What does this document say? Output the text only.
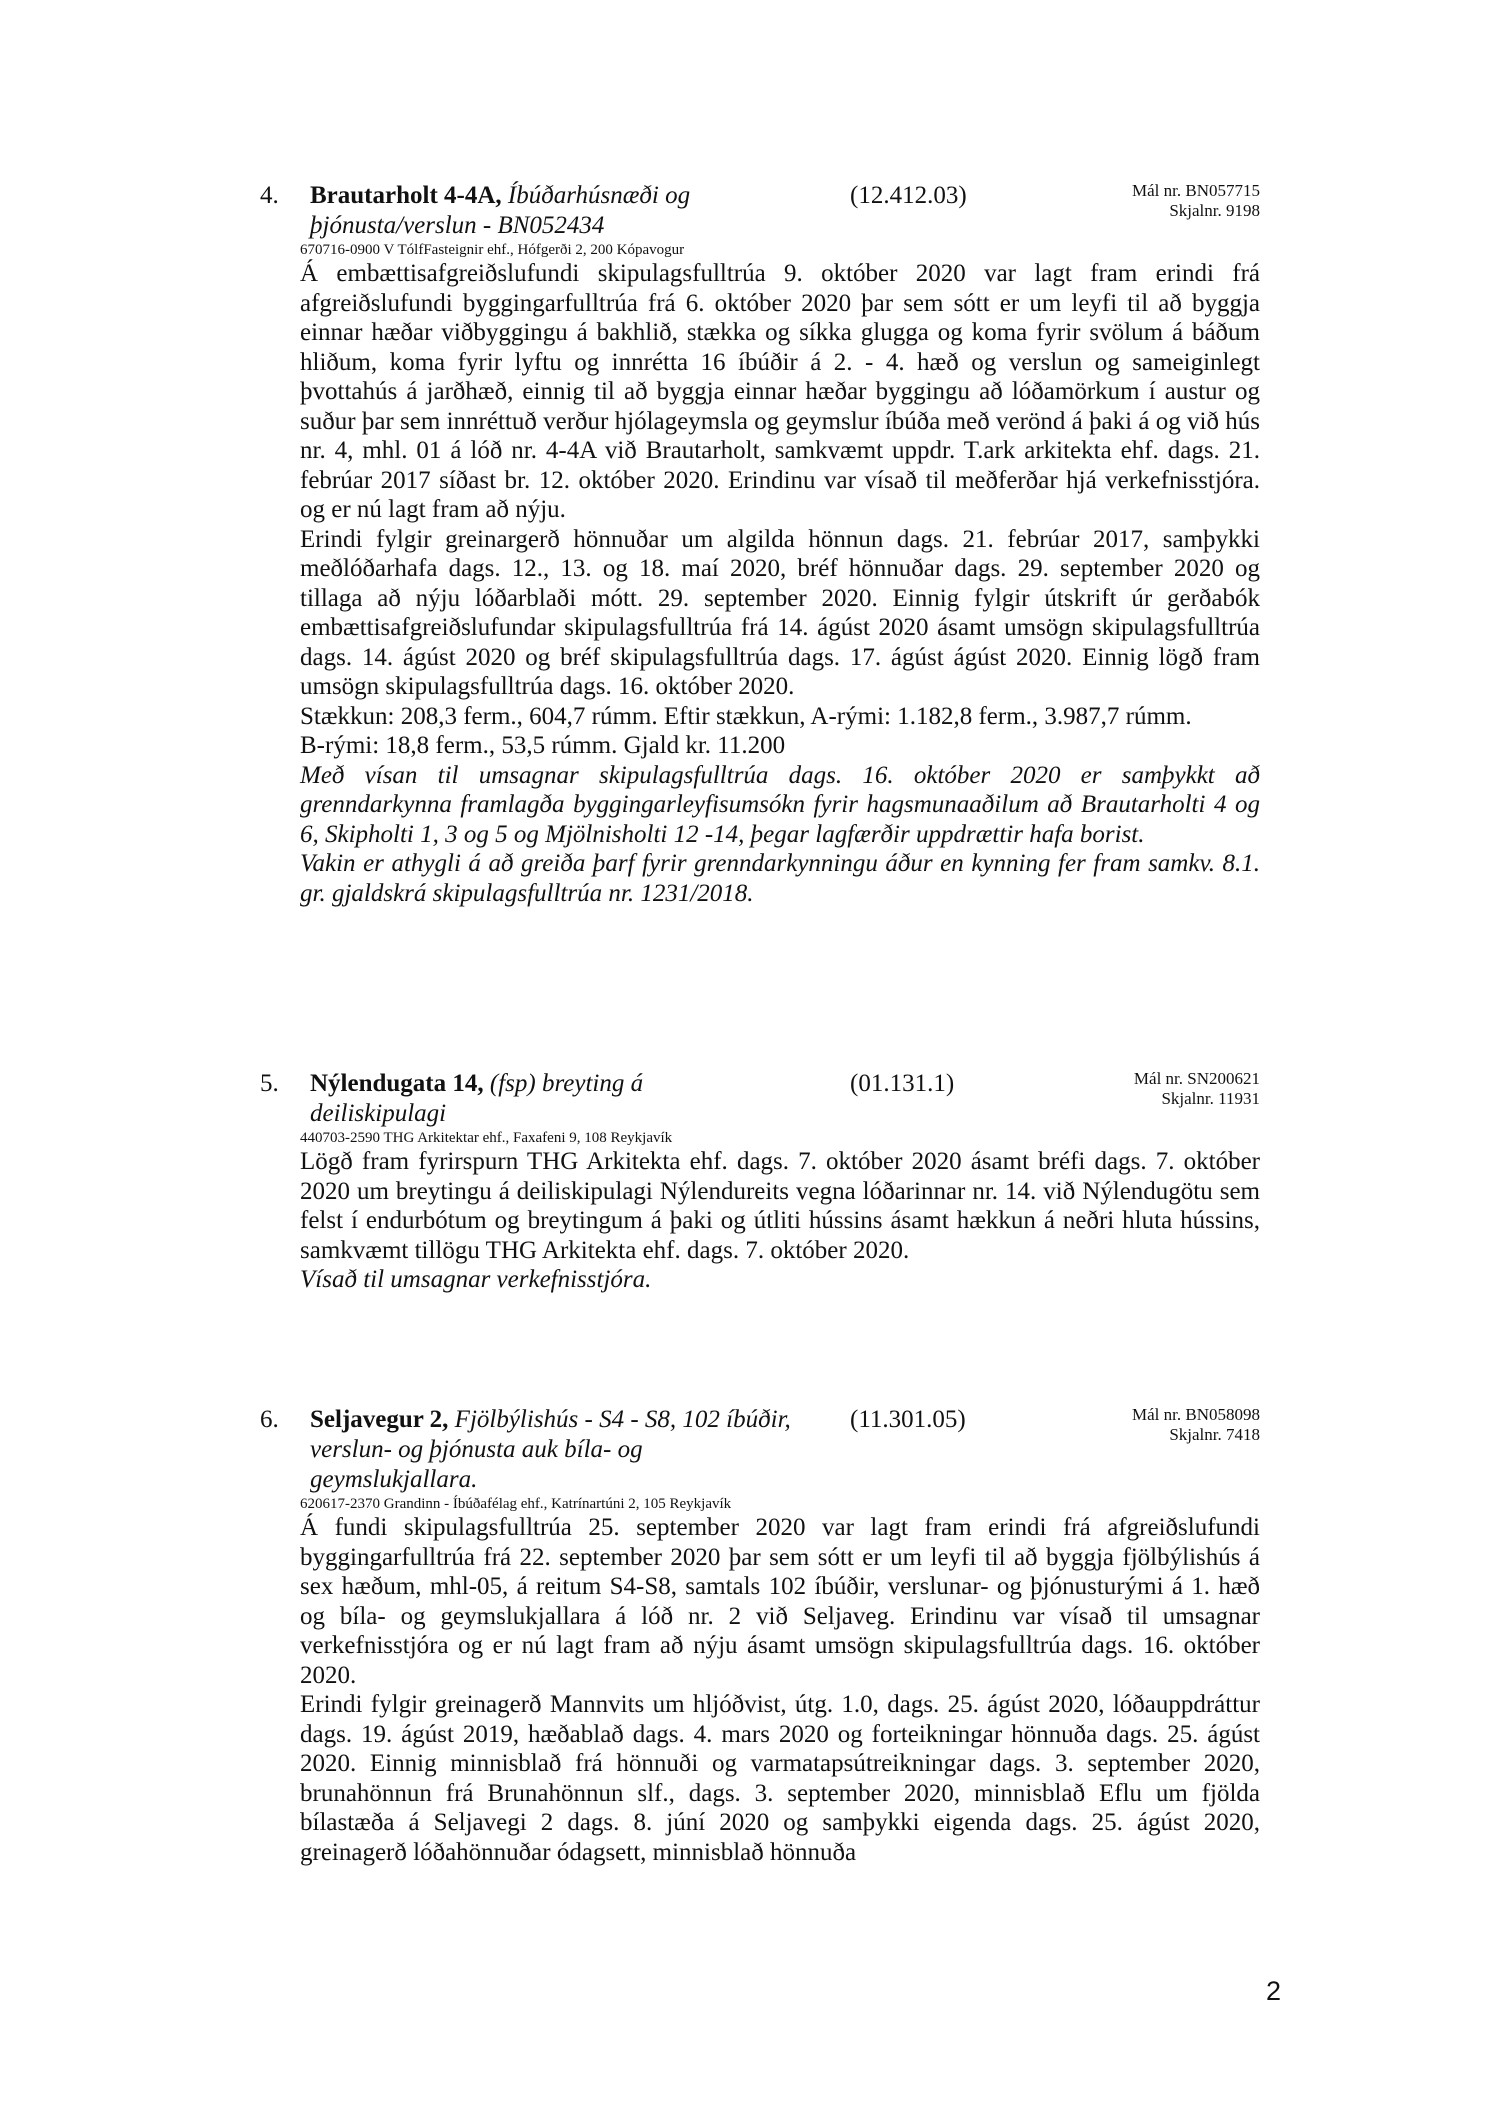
4. Brautarholt 4-4A, Íbúðarhúsnæði og þjónusta/verslun - BN052434
(12.412.03)	Mál nr. BN057715
Skjalnr. 9198
670716-0900 V TólfFasteignir ehf., Hófgerði 2, 200 Kópavogur

Á embættisafgreiðslufundi skipulagsfulltrúa 9. október 2020 var lagt fram erindi frá afgreiðslufundi byggingarfulltrúa frá 6. október 2020 þar sem sótt er um leyfi til að byggja einnar hæðar viðbyggingu á bakhlið, stækka og síkka glugga og koma fyrir svölum á báðum hliðum, koma fyrir lyftu og innrétta 16 íbúðir á 2. - 4. hæð og verslun og sameiginlegt þvottahús á jarðhæð, einnig til að byggja einnar hæðar byggingu að lóðamörkum í austur og suður þar sem innréttuð verður hjólageymsla og geymslur íbúða með verönd á þaki á og við hús nr. 4, mhl. 01 á lóð nr. 4-4A við Brautarholt, samkvæmt uppdr. T.ark arkitekta ehf. dags. 21. febrúar 2017 síðast br. 12. október 2020. Erindinu var vísað til meðferðar hjá verkefnisstjóra. og er nú lagt fram að nýju.

Erindi fylgir greinargerð hönnuðar um algilda hönnun dags. 21. febrúar 2017, samþykki meðlóðarhafa dags. 12., 13. og 18. maí 2020, bréf hönnuðar dags. 29. september 2020 og tillaga að nýju lóðarblaði mótt. 29. september 2020. Einnig fylgir útskrift úr gerðabók embættisafgreiðslufundar skipulagsfulltrúa frá 14. ágúst 2020 ásamt umsögn skipulagsfulltrúa dags. 14. ágúst 2020 og bréf skipulagsfulltrúa dags. 17. ágúst ágúst 2020. Einnig lögð fram umsögn skipulagsfulltrúa dags. 16. október 2020.

Stækkun: 208,3 ferm., 604,7 rúmm. Eftir stækkun, A-rými: 1.182,8 ferm., 3.987,7 rúmm.

B-rými: 18,8 ferm., 53,5 rúmm. Gjald kr. 11.200

Með vísan til umsagnar skipulagsfulltrúa dags. 16. október 2020 er samþykkt að grenndarkynna framlagða byggingarleyfisumsókn fyrir hagsmunaaðilum að Brautarholti 4 og 6, Skipholti 1, 3 og 5 og Mjölnisholti 12 -14, þegar lagfærðir uppdrættir hafa borist.

Vakin er athygli á að greiða þarf fyrir grenndarkynningu áður en kynning fer fram samkv. 8.1. gr. gjaldskrá skipulagsfulltrúa nr. 1231/2018.

5. Nýlendugata 14, (fsp) breyting á deiliskipulagi
(01.131.1)	Mál nr. SN200621
Skjalnr. 11931
440703-2590 THG Arkitektar ehf., Faxafeni 9, 108 Reykjavík

Lögð fram fyrirspurn THG Arkitekta ehf. dags. 7. október 2020 ásamt bréfi dags. 7. október 2020 um breytingu á deiliskipulagi Nýlendureits vegna lóðarinnar nr. 14. við Nýlendugötu sem felst í endurbótum og breytingum á þaki og útliti hússins ásamt hækkun á neðri hluta hússins, samkvæmt tillögu THG Arkitekta ehf. dags. 7. október 2020.

Vísað til umsagnar verkefnisstjóra.

6. Seljavegur 2, Fjölbýlishús - S4 - S8, 102 íbúðir, verslun- og þjónusta auk bíla- og geymslukjallara.
(11.301.05)	Mál nr. BN058098
Skjalnr. 7418
620617-2370 Grandinn - Íbúðafélag ehf., Katrínartúni 2, 105 Reykjavík

Á fundi skipulagsfulltrúa 25. september 2020 var lagt fram erindi frá afgreiðslufundi byggingarfulltrúa frá 22. september 2020 þar sem sótt er um leyfi til að byggja fjölbýlishús á sex hæðum, mhl-05, á reitum S4-S8, samtals 102 íbúðir, verslunar- og þjónusturými á 1. hæð og bíla- og geymslukjallara á lóð nr. 2 við Seljaveg. Erindinu var vísað til umsagnar verkefnisstjóra og er nú lagt fram að nýju ásamt umsögn skipulagsfulltrúa dags. 16. október 2020.

Erindi fylgir greinagerð Mannvits um hljóðvist, útg. 1.0, dags. 25. ágúst 2020, lóðauppdráttur dags. 19. ágúst 2019, hæðablað dags. 4. mars 2020 og forteikningar hönnuða dags. 25. ágúst 2020. Einnig minnisblað frá hönnuði og varmatapsútreikningar dags. 3. september 2020, brunahönnun frá Brunahönnun slf., dags. 3. september 2020, minnisblað Eflu um fjölda bílastæða á Seljavegi 2 dags. 8. júní 2020 og samþykki eigenda dags. 25. ágúst 2020, greinagerð lóðahönnuðar ódagsett, minnisblað hönnuða

2
